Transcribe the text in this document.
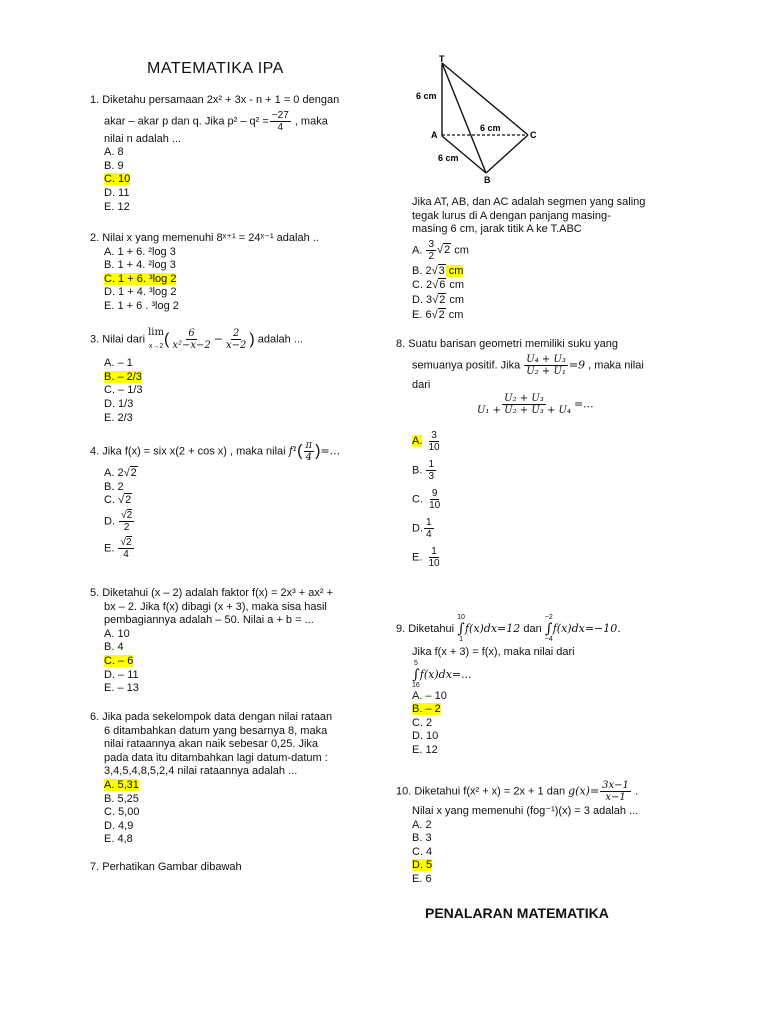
MATEMATIKA IPA
1. Diketahu persamaan 2x² + 3x - n + 1 = 0 dengan
akar – akar p dan q. Jika $p^2 - q^2 = \frac{-27}{4}$ , maka
nilai n adalah ...
A. 8
B. 9
C. 10
D. 11
E. 12
2. Nilai x yang memenuhi 8ˣ⁺¹ = 24ˣ⁻¹ adalah ..
A. 1 + 6. ²log 3
B. 1 + 4. ²log 3
C. 1 + 6. ³log 2
D. 1 + 4. ³log 2
E. 1 + 6 . ³log 2
3. Nilai dari lim
x→2 ( $\frac{6}{\text{x²−x−2}} - \frac{2}{x-2}$ ) adalah ...
A. – 1
B. – 2/3
C. – 1/3
D. 1/3
E. 2/3
4. Jika f(x) = six x(2 + cos x) , maka nilai $f^1( \frac{\pi}{4}$ )=...
A. 2√2
B. 2
C. √2
D. $\frac{√2}{2}$
E. $\frac{√2}{4}$
5. Diketahui (x – 2) adalah faktor f(x) = 2x³ + ax² +
bx – 2. Jika f(x) dibagi (x + 3), maka sisa hasil
pembagiannya adalah – 50. Nilai a + b = ...
A. 10
B. 4
C. – 6
D. – 11
E. – 13
6. Jika pada sekelompok data dengan nilai rataan
6 ditambahkan datum yang besarnya 8, maka
nilai rataannya akan naik sebesar 0,25. Jika
pada data itu ditambahkan lagi datum-datum :
3,4,5,4,8,5,2,4 nilai rataannya adalah ...
A. 5,31
B. 5,25
C. 5,00
D. 4,9
E. 4,8
7. Perhatikan Gambar dibawah
T
A
B
C
6 cm
6 cm
6 cm
Jika AT, AB, dan AC adalah segmen yang saling
tegak lurus di A dengan panjang masing-
masing 6 cm, jarak titik A ke T.ABC
A. $\frac{3}{2} √2$ cm
B. 2√3 cm
C. 2√6 cm
D. 3√2 cm
E. 6√2 cm
8. Suatu barisan geometri memiliki suku yang
semuanya positif. Jika $\frac{\text{U₄ + U₃}}{\text{U₂ + U₁}} =9$ , maka nilai
dari
$\frac{\text{U₂ + U₃}}{\text{U₁ + U₂ + U₃ + U₄}}$ =...
A. $\frac{3}{10}$
B. $\frac{1}{3}$
C. $\frac{9}{10}$
D. $\frac{1}{4}$
E. $\frac{1}{10}$
9. Diketahui
10
∫
1
f(x)dx=12 dan
−2
∫
−4
f(x)dx=−10.
Jika f(x + 3) = f(x), maka nilai dari
5
∫
16
f(x)dx=...
A. – 10
B. – 2
C. 2
D. 10
E. 12
10. Diketahui f(x² + x) = 2x + 1 dan $g(x)= \frac{3x-1}{x-1}$ .
Nilai x yang memenuhi (fog⁻¹)(x) = 3 adalah ...
A. 2
B. 3
C. 4
D. 5
E. 6
PENALARAN MATEMATIKA
